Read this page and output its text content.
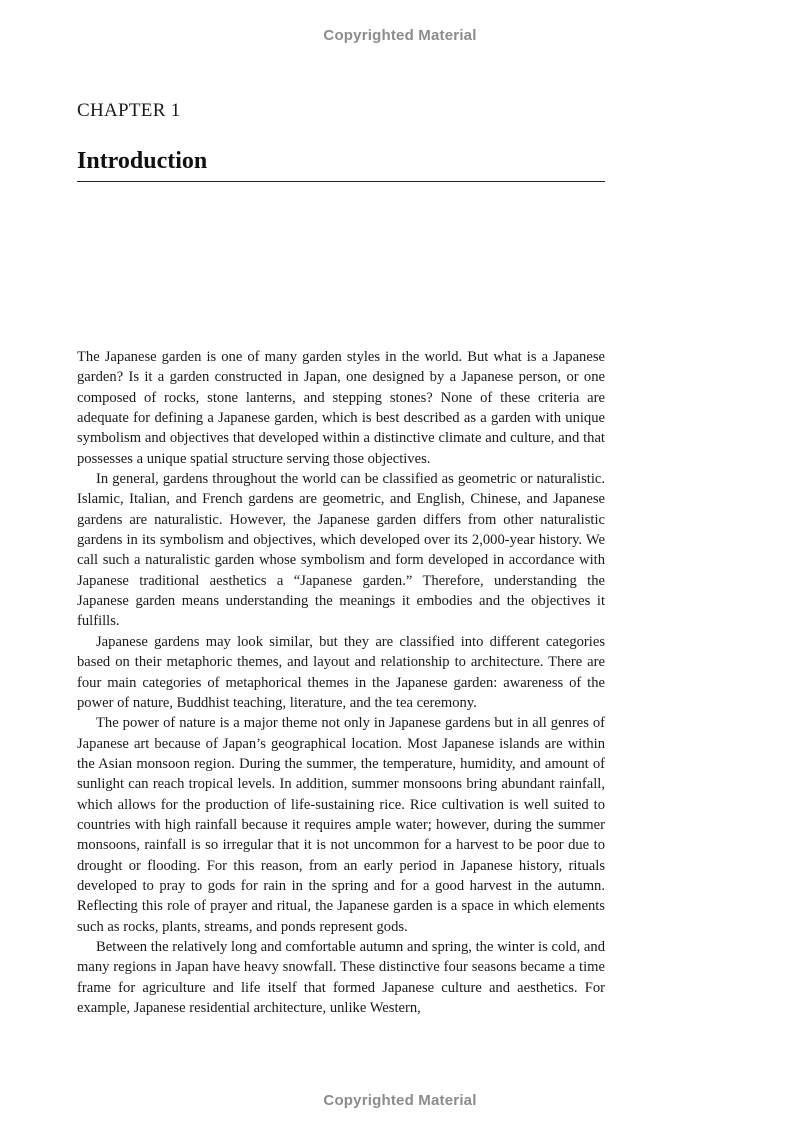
Copyrighted Material
CHAPTER 1
Introduction

The Japanese garden is one of many garden styles in the world. But what is a Japanese garden? Is it a garden constructed in Japan, one designed by a Japanese person, or one composed of rocks, stone lanterns, and stepping stones? None of these criteria are adequate for defining a Japanese garden, which is best described as a garden with unique symbolism and objectives that developed within a distinctive climate and culture, and that possesses a unique spatial structure serving those objectives.

In general, gardens throughout the world can be classified as geometric or naturalistic. Islamic, Italian, and French gardens are geometric, and English, Chinese, and Japanese gardens are naturalistic. However, the Japanese garden differs from other naturalistic gardens in its symbolism and objectives, which developed over its 2,000-year history. We call such a naturalistic garden whose symbolism and form developed in accordance with Japanese traditional aesthetics a “Japanese garden.” Therefore, understanding the Japanese garden means understanding the meanings it embodies and the objectives it fulfills.

Japanese gardens may look similar, but they are classified into different categories based on their metaphoric themes, and layout and relationship to architecture. There are four main categories of metaphorical themes in the Japanese garden: awareness of the power of nature, Buddhist teaching, literature, and the tea ceremony.

The power of nature is a major theme not only in Japanese gardens but in all genres of Japanese art because of Japan’s geographical location. Most Japanese islands are within the Asian monsoon region. During the summer, the temperature, humidity, and amount of sunlight can reach tropical levels. In addition, summer monsoons bring abundant rainfall, which allows for the production of life-sustaining rice. Rice cultivation is well suited to countries with high rainfall because it requires ample water; however, during the summer monsoons, rainfall is so irregular that it is not uncommon for a harvest to be poor due to drought or flooding. For this reason, from an early period in Japanese history, rituals developed to pray to gods for rain in the spring and for a good harvest in the autumn. Reflecting this role of prayer and ritual, the Japanese garden is a space in which elements such as rocks, plants, streams, and ponds represent gods.

Between the relatively long and comfortable autumn and spring, the winter is cold, and many regions in Japan have heavy snowfall. These distinctive four seasons became a time frame for agriculture and life itself that formed Japanese culture and aesthetics. For example, Japanese residential architecture, unlike Western,

Copyrighted Material
